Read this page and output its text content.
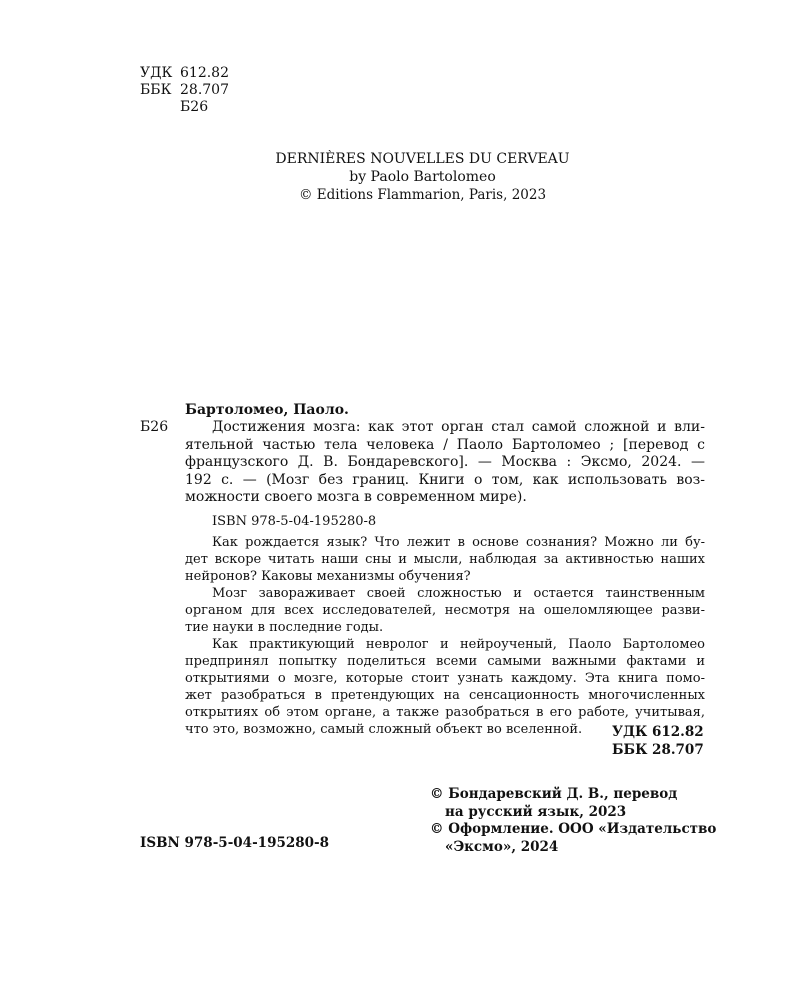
УДК 612.82
ББК 28.707
Б26
DERNIÈRES NOUVELLES DU CERVEAU
by Paolo Bartolomeo
© Editions Flammarion, Paris, 2023
Бартоломео, Паоло.
Б26	Достижения мозга: как этот орган стал самой сложной и вли-
ятельной частью тела человека / Паоло Бартоломео ; [перевод с
французского Д. В. Бондаревского]. — Москва : Эксмо, 2024. —
192 с. — (Мозг без границ. Книги о том, как использовать воз-
можности своего мозга в современном мире).
ISBN 978-5-04-195280-8
Как рождается язык? Что лежит в основе сознания? Можно ли бу-
дет вскоре читать наши сны и мысли, наблюдая за активностью наших
нейронов? Каковы механизмы обучения?
Мозг завораживает своей сложностью и остается таинственным
органом для всех исследователей, несмотря на ошеломляющее разви-
тие науки в последние годы.
Как практикующий невролог и нейроученый, Паоло Бартоломео
предпринял попытку поделиться всеми самыми важными фактами и
открытиями о мозге, которые стоит узнать каждому. Эта книга помо-
жет разобраться в претендующих на сенсационность многочисленных
открытиях об этом органе, а также разобраться в его работе, учитывая,
что это, возможно, самый сложный объект во вселенной.	УДК 612.82
ББК 28.707
© Бондаревский Д. В., перевод
на русский язык, 2023
© Оформление. ООО «Издательство
«Эксмо», 2024
ISBN 978-5-04-195280-8
